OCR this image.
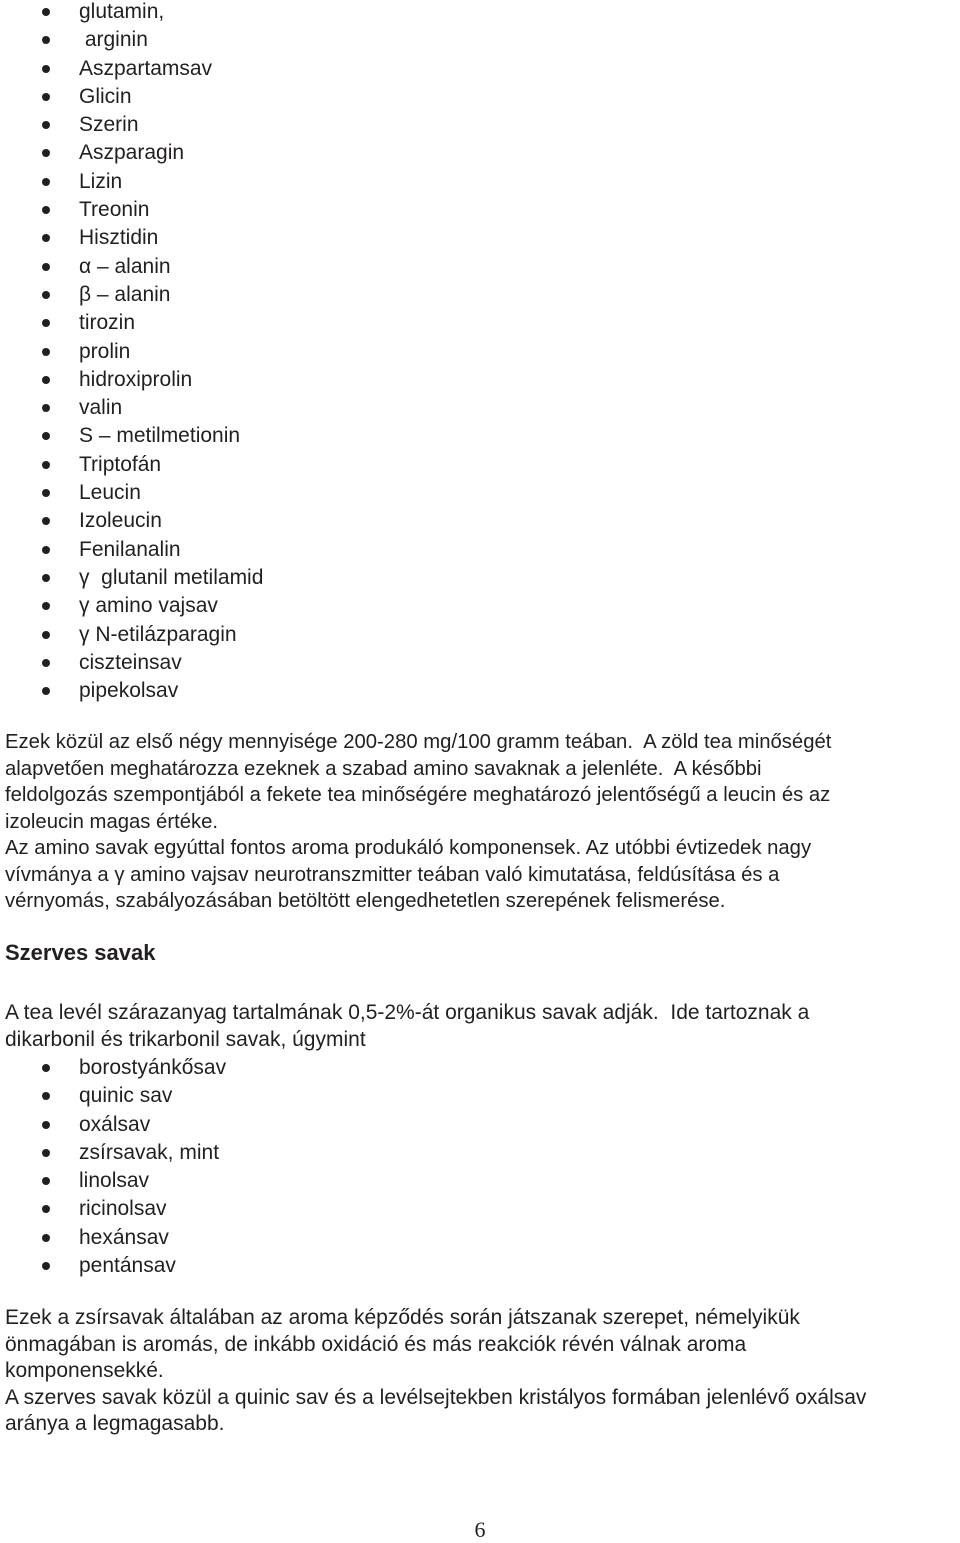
glutamin,
arginin
Aszpartamsav
Glicin
Szerin
Aszparagin
Lizin
Treonin
Hisztidin
α – alanin
β – alanin
tirozin
prolin
hidroxiprolin
valin
S – metilmetionin
Triptofán
Leucin
Izoleucin
Fenilanalin
γ  glutanil metilamid
γ amino vajsav
γ N-etilázparagin
ciszteinsav
pipekolsav

Ezek közül az első négy mennyisége 200-280 mg/100 gramm teában.  A zöld tea minőségét
alapvetően meghatározza ezeknek a szabad amino savaknak a jelenléte.  A későbbi
feldolgozás szempontjából a fekete tea minőségére meghatározó jelentőségű a leucin és az
izoleucin magas értéke.
Az amino savak egyúttal fontos aroma produkáló komponensek. Az utóbbi évtizedek nagy
vívmánya a γ amino vajsav neurotranszmitter teában való kimutatása, feldúsítása és a
vérnyomás, szabályozásában betöltött elengedhetetlen szerepének felismerése.

Szerves savak

A tea levél szárazanyag tartalmának 0,5-2%-át organikus savak adják.  Ide tartoznak a
dikarbonil és trikarbonil savak, úgymint

borostyánkősav
quinic sav
oxálsav
zsírsavak, mint
linolsav
ricinolsav
hexánsav
pentánsav

Ezek a zsírsavak általában az aroma képződés során játszanak szerepet, némelyikük
önmagában is aromás, de inkább oxidáció és más reakciók révén válnak aroma
komponensekké.
A szerves savak közül a quinic sav és a levélsejtekben kristályos formában jelenlévő oxálsav
aránya a legmagasabb.

6
